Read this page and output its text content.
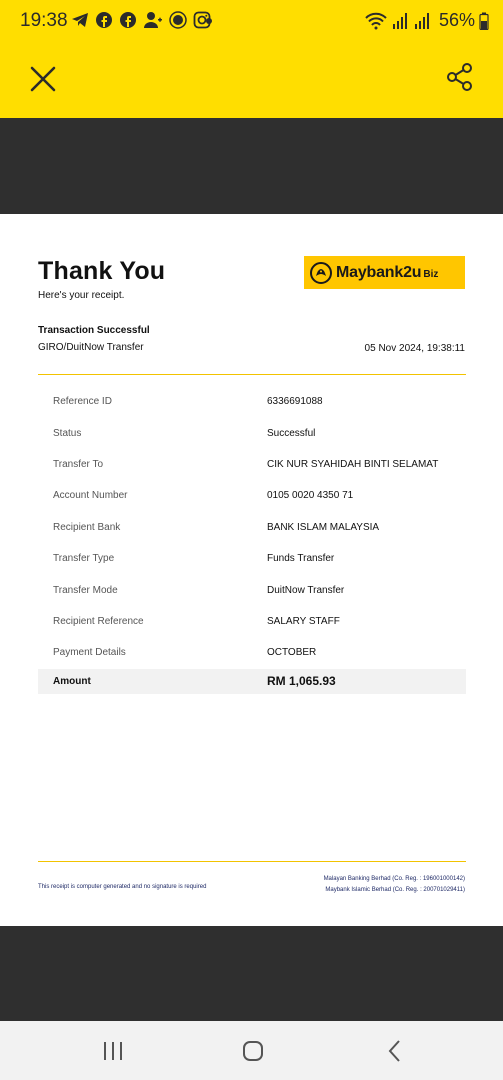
19:38	56%
Thank You
Here's your receipt.
Maybank2u Biz
Transaction Successful
GIRO/DuitNow Transfer	05 Nov 2024, 19:38:11
Reference ID	6336691088
Status	Successful
Transfer To	CIK NUR SYAHIDAH BINTI SELAMAT
Account Number	0105 0020 4350 71
Recipient Bank	BANK ISLAM MALAYSIA
Transfer Type	Funds Transfer
Transfer Mode	DuitNow Transfer
Recipient Reference	SALARY STAFF
Payment Details	OCTOBER
Amount	RM 1,065.93
This receipt is computer generated and no signature is required
Malayan Banking Berhad (Co. Reg. : 196001000142)
Maybank Islamic Berhad (Co. Reg. : 200701029411)
